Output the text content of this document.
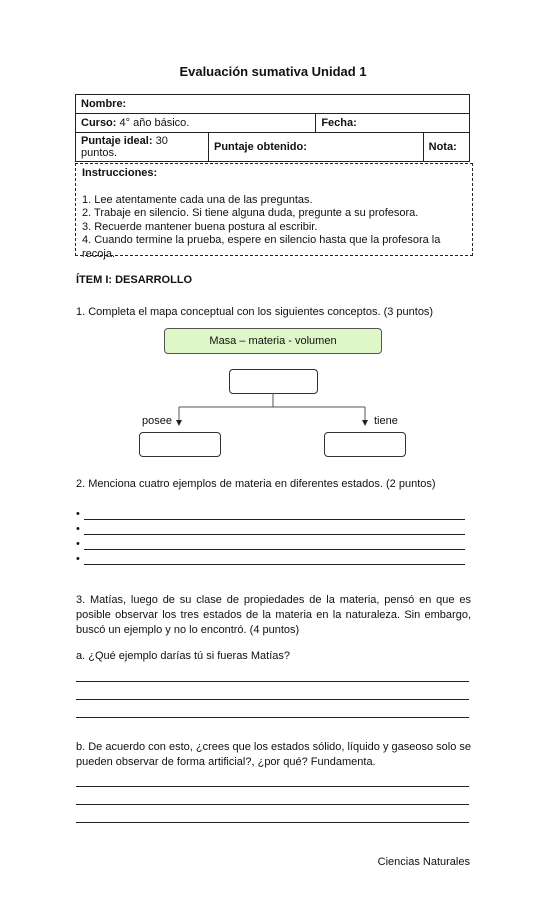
Evaluación sumativa Unidad 1
Nombre:			
Curso: 4° año básico.		Fecha:	
Puntaje ideal: 30 puntos.	Puntaje obtenido:		Nota:
Instrucciones:
1. Lee atentamente cada una de las preguntas.
2. Trabaje en silencio. Si tiene alguna duda, pregunte a su profesora.
3. Recuerde mantener buena postura al escribir.
4. Cuando termine la prueba, espere en silencio hasta que la profesora la recoja.
ÍTEM I: DESARROLLO
1. Completa el mapa conceptual con los siguientes conceptos. (3 puntos)
Masa – materia - volumen
posee	tiene
2. Menciona cuatro ejemplos de materia en diferentes estados. (2 puntos)
•
•
•
•
3. Matías, luego de su clase de propiedades de la materia, pensó en que es posible observar los tres estados de la materia en la naturaleza. Sin embargo, buscó un ejemplo y no lo encontró. (4 puntos)
a. ¿Qué ejemplo darías tú si fueras Matías?
b. De acuerdo con esto, ¿crees que los estados sólido, líquido y gaseoso solo se pueden observar de forma artificial?, ¿por qué? Fundamenta.
Ciencias Naturales
